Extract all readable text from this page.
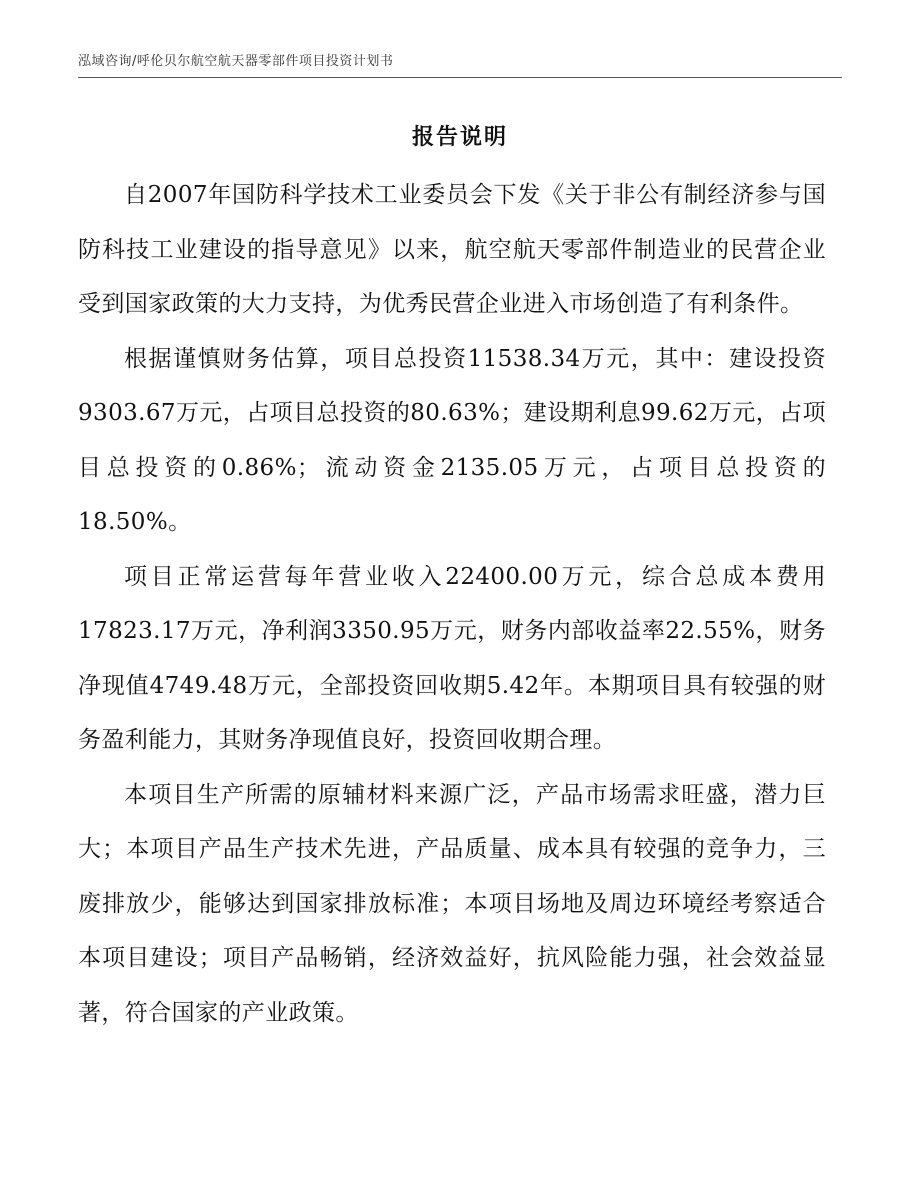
泓域咨询/呼伦贝尔航空航天器零部件项目投资计划书
报告说明

自2007年国防科学技术工业委员会下发《关于非公有制经济参与国防科技工业建设的指导意见》以来，航空航天零部件制造业的民营企业受到国家政策的大力支持，为优秀民营企业进入市场创造了有利条件。

根据谨慎财务估算，项目总投资11538.34万元，其中：建设投资9303.67万元，占项目总投资的80.63%；建设期利息99.62万元，占项目总投资的0.86%；流动资金2135.05万元，占项目总投资的18.50%。

项目正常运营每年营业收入22400.00万元，综合总成本费用17823.17万元，净利润3350.95万元，财务内部收益率22.55%，财务净现值4749.48万元，全部投资回收期5.42年。本期项目具有较强的财务盈利能力，其财务净现值良好，投资回收期合理。

本项目生产所需的原辅材料来源广泛，产品市场需求旺盛，潜力巨大；本项目产品生产技术先进，产品质量、成本具有较强的竞争力，三废排放少，能够达到国家排放标准；本项目场地及周边环境经考察适合本项目建设；项目产品畅销，经济效益好，抗风险能力强，社会效益显著，符合国家的产业政策。
